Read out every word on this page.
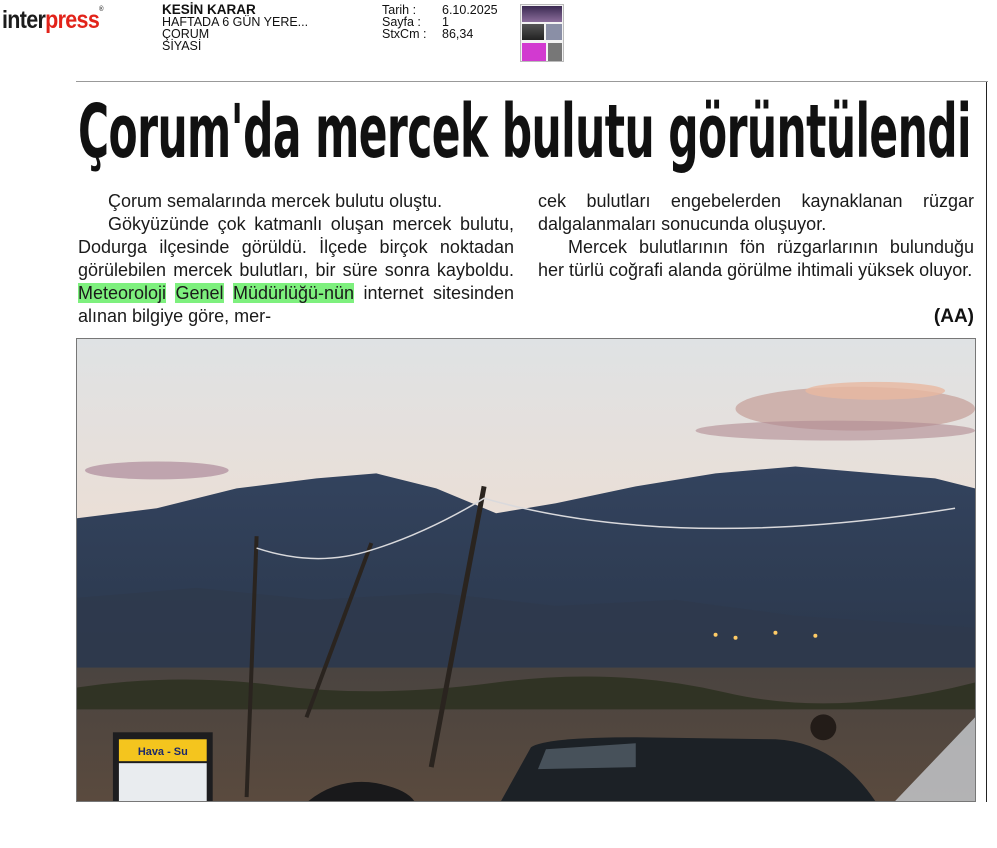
interpress®	KESİN KARAR
HAFTADA 6 GÜN YERE...
ÇORUM
SİYASİ
Tarih :	6.10.2025
Sayfa :	1
StxCm :	86,34
Çorum'da mercek bulutu görüntülendi

Çorum semalarında mercek bulutu oluştu.

Gökyüzünde çok katmanlı oluşan mercek bulutu, Dodurga ilçesinde görüldü. İlçede birçok noktadan görülebilen mercek bulutları, bir süre sonra kayboldu. Meteoroloji Genel Müdürlüğü-nün internet sitesinden alınan bilgiye göre, mer-

cek bulutları engebelerden kaynaklanan rüzgar dalgalanmaları sonucunda oluşuyor.

Mercek bulutlarının fön rüzgarlarının bulunduğu her türlü coğrafi alanda görülme ihtimali yüksek oluyor.

(AA)
Hava - Su
